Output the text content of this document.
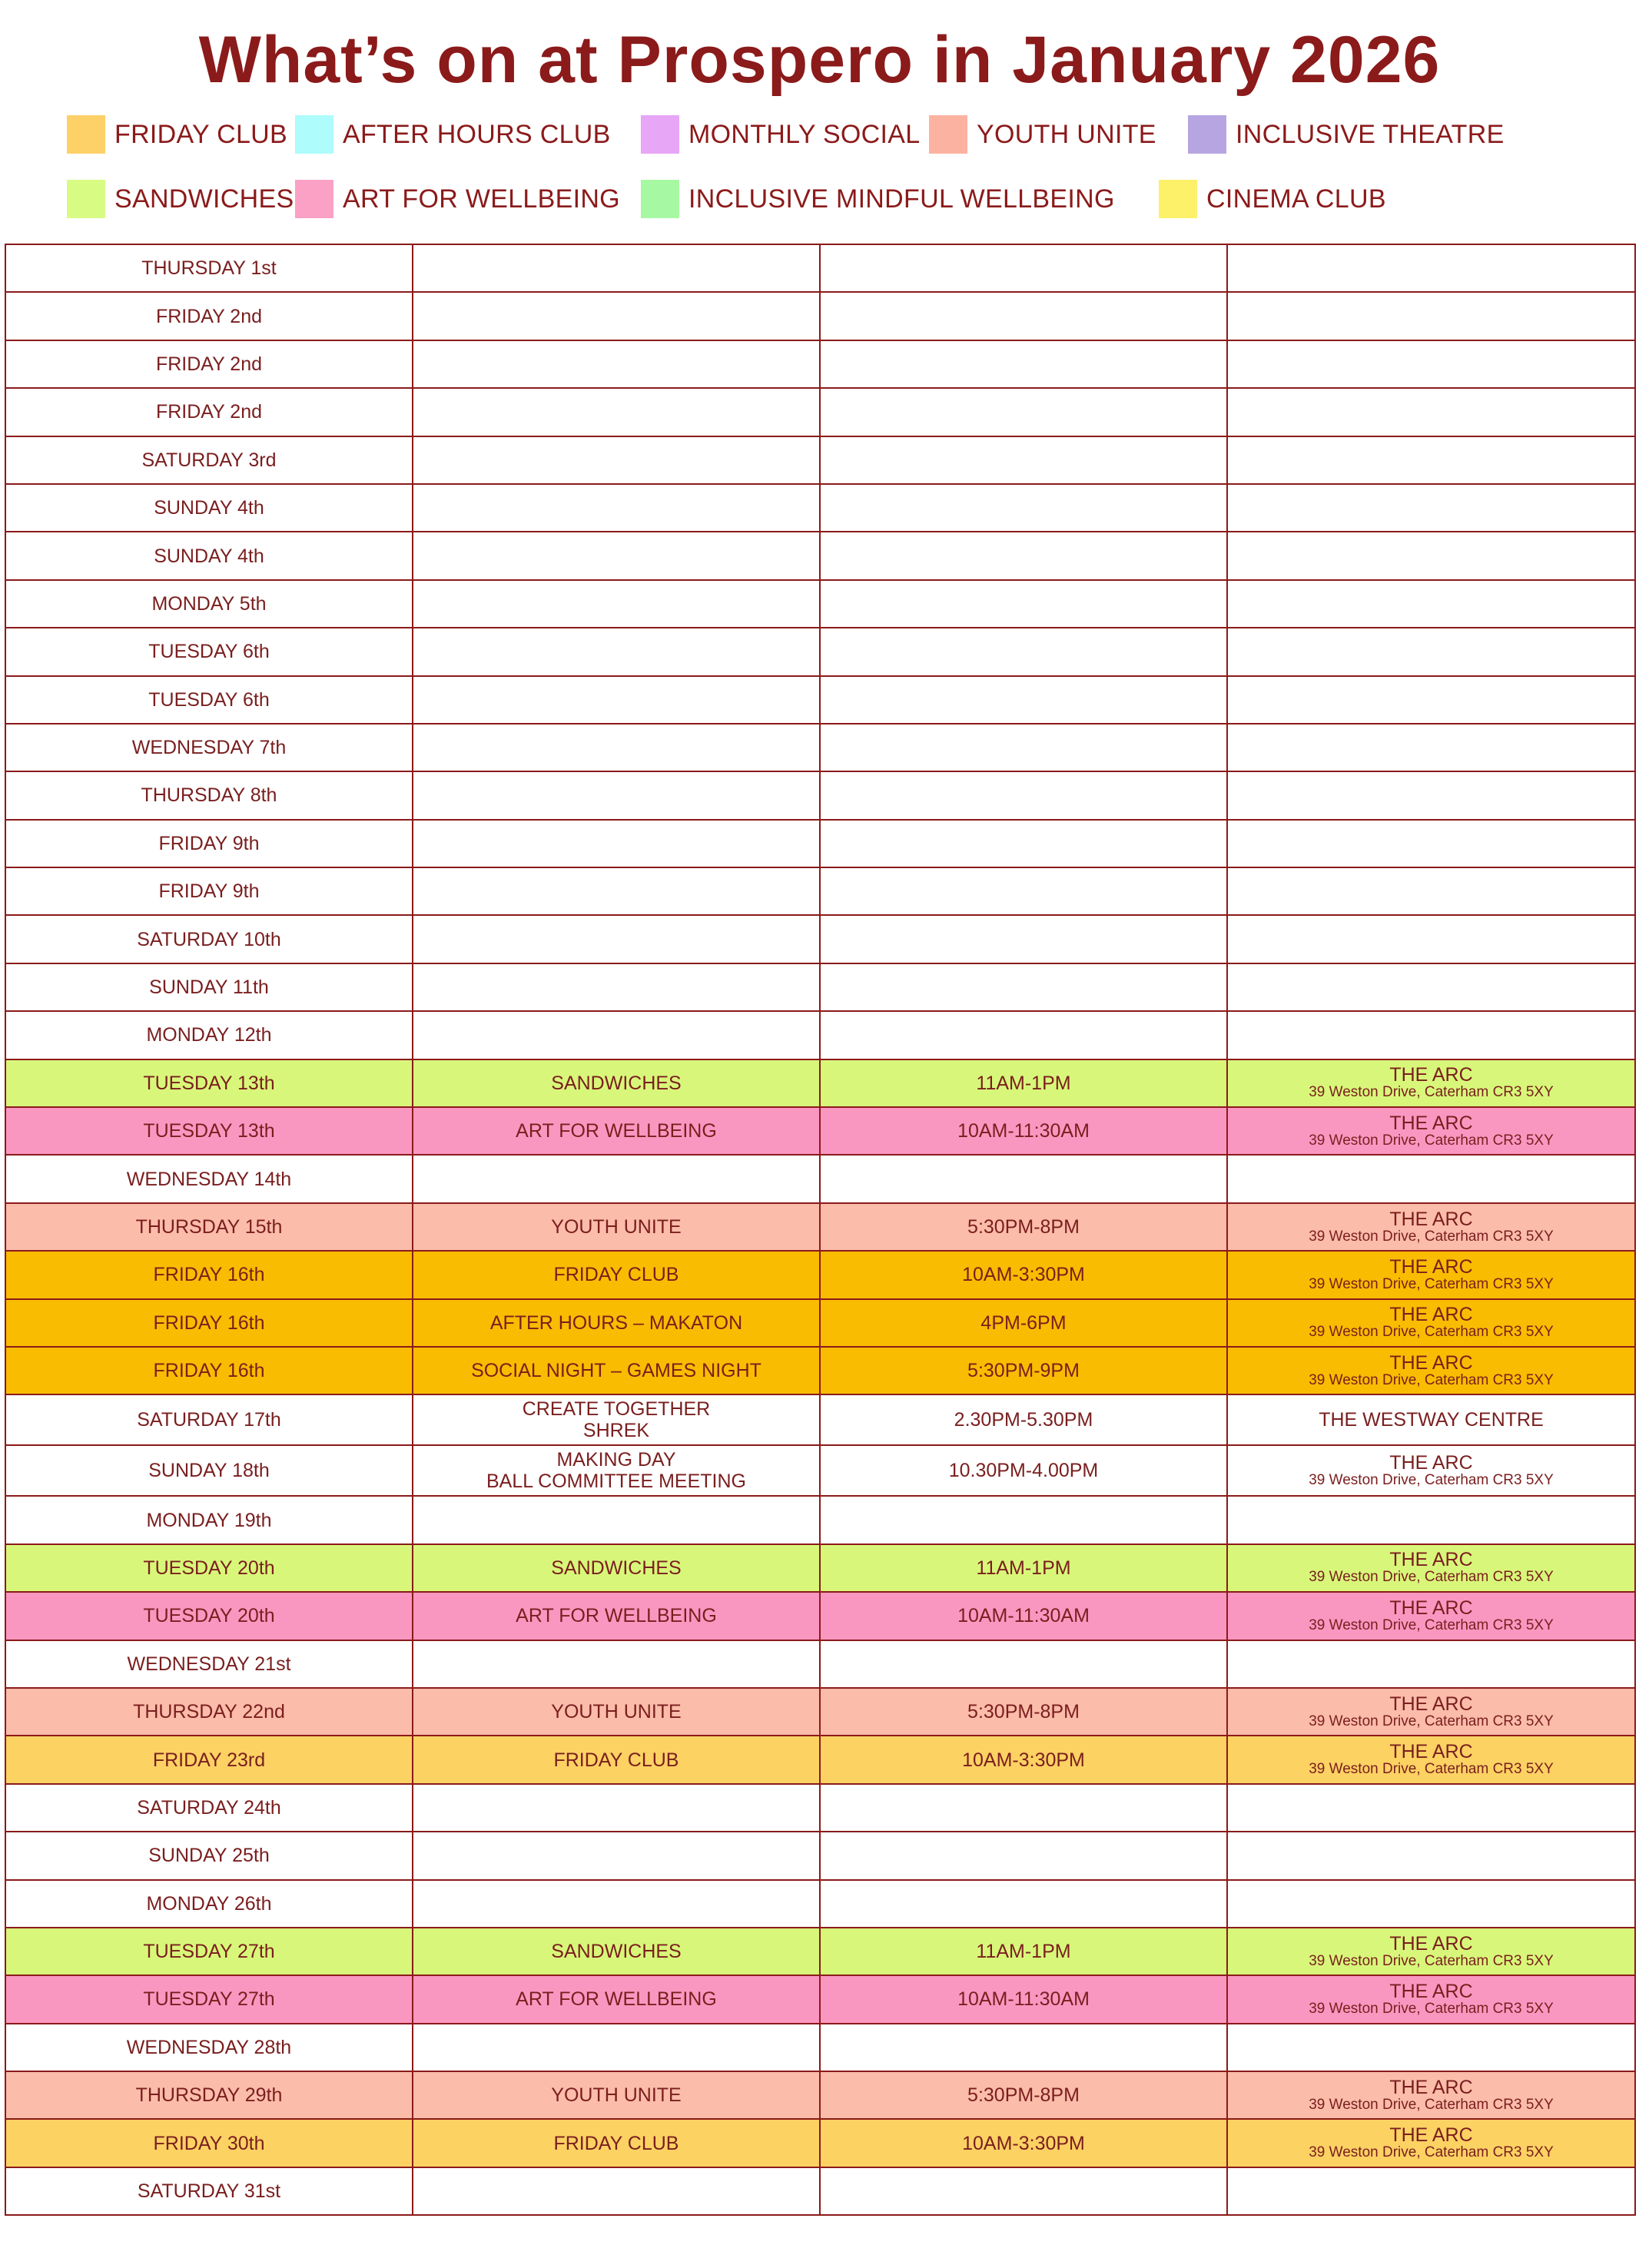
What’s on at Prospero in January 2026
FRIDAY CLUB AFTER HOURS CLUB	MONTHLY SOCIAL YOUTH UNITE	INCLUSIVE THEATRE
SANDWICHES ART FOR WELLBEING	INCLUSIVE MINDFUL WELLBEING	CINEMA CLUB
THURSDAY 1st			

FRIDAY 2nd			

FRIDAY 2nd			

FRIDAY 2nd			

SATURDAY 3rd			

SUNDAY 4th			

SUNDAY 4th			

MONDAY 5th			

TUESDAY 6th			

TUESDAY 6th			

WEDNESDAY 7th			

THURSDAY 8th			

FRIDAY 9th			

FRIDAY 9th			

SATURDAY 10th			

SUNDAY 11th			

MONDAY 12th			

TUESDAY 13th	SANDWICHES	11AM-1PM	THE ARC
39 Weston Drive, Caterham CR3 5XY

TUESDAY 13th	ART FOR WELLBEING	10AM-11:30AM	THE ARC
39 Weston Drive, Caterham CR3 5XY

WEDNESDAY 14th			

THURSDAY 15th	YOUTH UNITE	5:30PM-8PM	THE ARC
39 Weston Drive, Caterham CR3 5XY

FRIDAY 16th	FRIDAY CLUB	10AM-3:30PM	THE ARC
39 Weston Drive, Caterham CR3 5XY

FRIDAY 16th	AFTER HOURS – MAKATON	4PM-6PM	THE ARC
39 Weston Drive, Caterham CR3 5XY

FRIDAY 16th	SOCIAL NIGHT – GAMES NIGHT	5:30PM-9PM	THE ARC
39 Weston Drive, Caterham CR3 5XY

SATURDAY 17th	CREATE TOGETHER
SHREK	2.30PM-5.30PM	THE WESTWAY CENTRE

SUNDAY 18th	MAKING DAY
BALL COMMITTEE MEETING	10.30PM-4.00PM	THE ARC
39 Weston Drive, Caterham CR3 5XY

MONDAY 19th			

TUESDAY 20th	SANDWICHES	11AM-1PM	THE ARC
39 Weston Drive, Caterham CR3 5XY

TUESDAY 20th	ART FOR WELLBEING	10AM-11:30AM	THE ARC
39 Weston Drive, Caterham CR3 5XY

WEDNESDAY 21st			

THURSDAY 22nd	YOUTH UNITE	5:30PM-8PM	THE ARC
39 Weston Drive, Caterham CR3 5XY

FRIDAY 23rd	FRIDAY CLUB	10AM-3:30PM	THE ARC
39 Weston Drive, Caterham CR3 5XY

SATURDAY 24th			

SUNDAY 25th			

MONDAY 26th			

TUESDAY 27th	SANDWICHES	11AM-1PM	THE ARC
39 Weston Drive, Caterham CR3 5XY

TUESDAY 27th	ART FOR WELLBEING	10AM-11:30AM	THE ARC
39 Weston Drive, Caterham CR3 5XY

WEDNESDAY 28th			

THURSDAY 29th	YOUTH UNITE	5:30PM-8PM	THE ARC
39 Weston Drive, Caterham CR3 5XY

FRIDAY 30th	FRIDAY CLUB	10AM-3:30PM	THE ARC
39 Weston Drive, Caterham CR3 5XY

SATURDAY 31st			
